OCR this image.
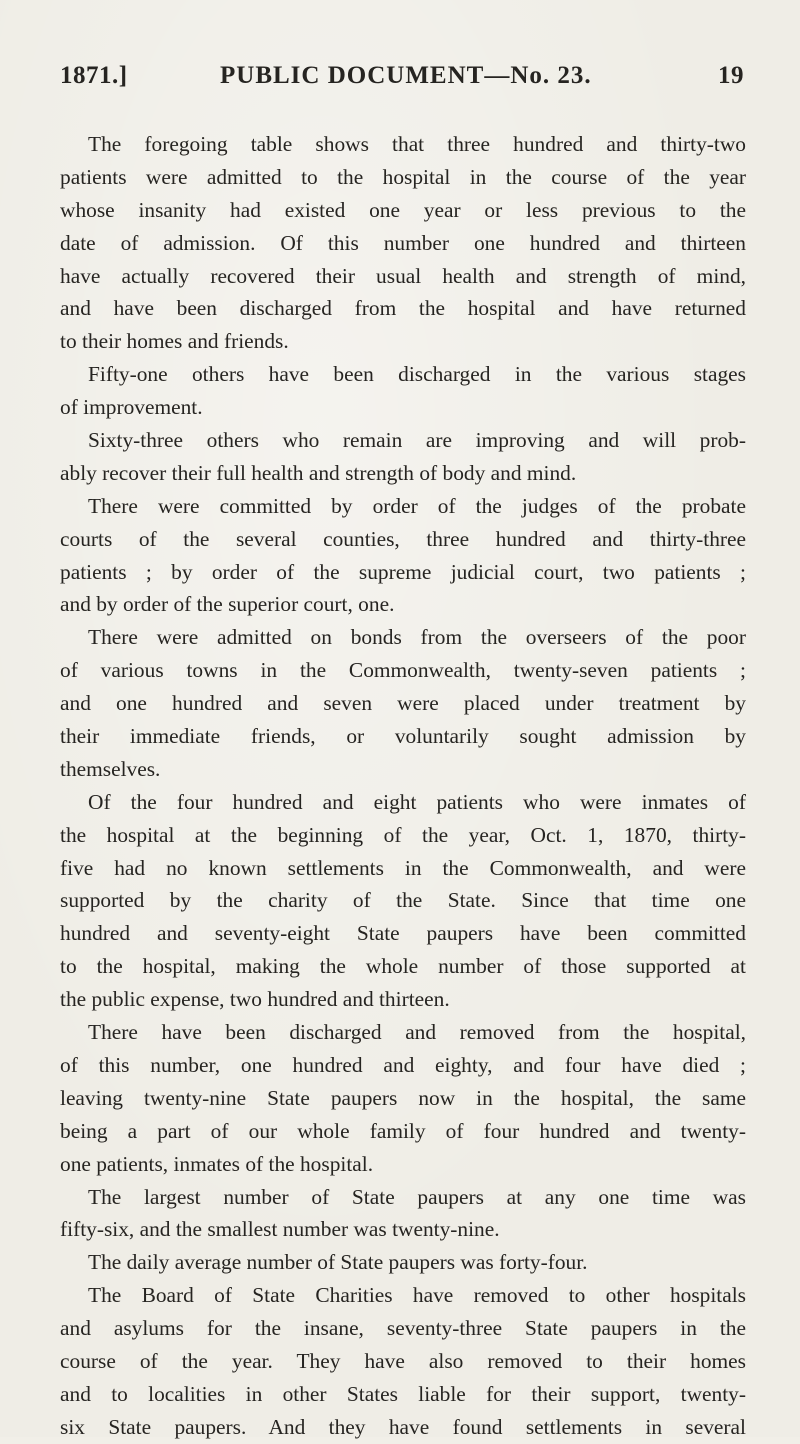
1871.]	PUBLIC DOCUMENT—No. 23.	19
The foregoing table shows that three hundred and thirty-two
patients were admitted to the hospital in the course of the year
whose insanity had existed one year or less previous to the
date of admission. Of this number one hundred and thirteen
have actually recovered their usual health and strength of mind,
and have been discharged from the hospital and have returned
to their homes and friends.
Fifty-one others have been discharged in the various stages
of improvement.
Sixty-three others who remain are improving and will prob-
ably recover their full health and strength of body and mind.
There were committed by order of the judges of the probate
courts of the several counties, three hundred and thirty-three
patients ; by order of the supreme judicial court, two patients ;
and by order of the superior court, one.
There were admitted on bonds from the overseers of the poor
of various towns in the Commonwealth, twenty-seven patients ;
and one hundred and seven were placed under treatment by
their immediate friends, or voluntarily sought admission by
themselves.
Of the four hundred and eight patients who were inmates of
the hospital at the beginning of the year, Oct. 1, 1870, thirty-
five had no known settlements in the Commonwealth, and were
supported by the charity of the State. Since that time one
hundred and seventy-eight State paupers have been committed
to the hospital, making the whole number of those supported at
the public expense, two hundred and thirteen.
There have been discharged and removed from the hospital,
of this number, one hundred and eighty, and four have died ;
leaving twenty-nine State paupers now in the hospital, the same
being a part of our whole family of four hundred and twenty-
one patients, inmates of the hospital.
The largest number of State paupers at any one time was
fifty-six, and the smallest number was twenty-nine.
The daily average number of State paupers was forty-four.
The Board of State Charities have removed to other hospitals
and asylums for the insane, seventy-three State paupers in the
course of the year. They have also removed to their homes
and to localities in other States liable for their support, twenty-
six State paupers. And they have found settlements in several
